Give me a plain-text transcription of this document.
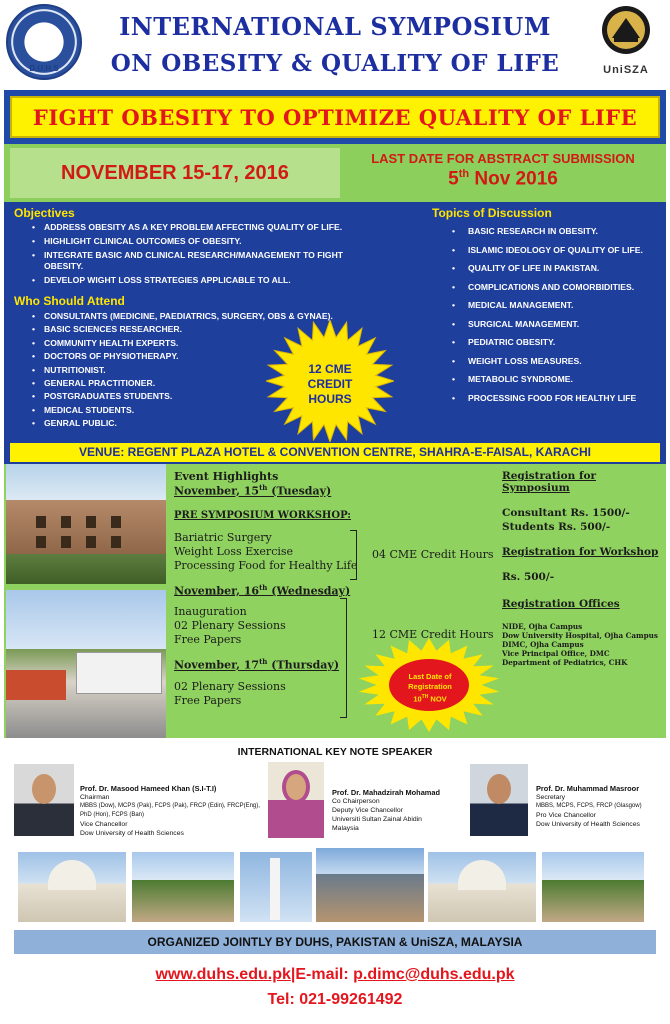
D.U.H.S
INTERNATIONAL SYMPOSIUM
ON OBESITY & QUALITY OF LIFE	UniSZA
FIGHT OBESITY TO OPTIMIZE QUALITY OF LIFE
NOVEMBER 15-17, 2016
LAST DATE FOR ABSTRACT SUBMISSION
5th Nov 2016
Objectives
• ADDRESS OBESITY AS A KEY PROBLEM AFFECTING QUALITY OF LIFE.
• HIGHLIGHT CLINICAL OUTCOMES OF OBESITY.
• INTEGRATE BASIC AND CLINICAL RESEARCH/MANAGEMENT TO FIGHT OBESITY.
• DEVELOP WIGHT LOSS STRATEGIES APPLICABLE TO ALL.
Who Should Attend
• CONSULTANTS (MEDICINE, PAEDIATRICS, SURGERY, OBS & GYNAE).
• BASIC SCIENCES RESEARCHER.
• COMMUNITY HEALTH EXPERTS.
• DOCTORS OF PHYSIOTHERAPY.
• NUTRITIONIST.
• GENERAL PRACTITIONER.
• POSTGRADUATES STUDENTS.
• MEDICAL STUDENTS.
• GENRAL PUBLIC.
Topics of Discussion
• BASIC RESEARCH IN OBESITY.
• ISLAMIC IDEOLOGY OF QUALITY OF LIFE.
• QUALITY OF LIFE IN PAKISTAN.
• COMPLICATIONS AND COMORBIDITIES.
• MEDICAL MANAGEMENT.
• SURGICAL MANAGEMENT.
• PEDIATRIC OBESITY.
• WEIGHT LOSS MEASURES.
• METABOLIC SYNDROME.
• PROCESSING FOOD FOR HEALTHY LIFE
12 CME
CREDIT
HOURS
VENUE: REGENT PLAZA HOTEL & CONVENTION CENTRE, SHAHRA-E-FAISAL, KARACHI
Event Highlights
November, 15th (Tuesday)
PRE SYMPOSIUM WORKSHOP:
Bariatric Surgery
Weight Loss Exercise
Processing Food for Healthy Life
November, 16th (Wednesday)
Inauguration
02 Plenary Sessions
Free Papers
November, 17th (Thursday)
02 Plenary Sessions
Free Papers
04 CME Credit Hours
12 CME Credit Hours
Registration for Symposium
Consultant Rs. 1500/-
Students Rs. 500/-
Registration for Workshop
Rs. 500/-
Registration Offices
NIDE, Ojha Campus
Dow University Hospital, Ojha Campus
DIMC, Ojha Campus
Vice Principal Office, DMC
Department of Pediatrics, CHK
Last Date of
Registration
10TH NOV
INTERNATIONAL KEY NOTE SPEAKER
Prof. Dr. Masood Hameed Khan (S.I-T.I)
Chairman
MBBS (Dow), MCPS (Pak), FCPS (Pak), FRCP (Edin), FRCP(Eng),
PhD (Hon), FCPS (Ban)
Vice Chancellor
Dow University of Health Sciences
Prof. Dr. Mahadzirah Mohamad
Co Chairperson
Deputy Vice Chancellor
Universiti Sultan Zainal Abidin
Malaysia
Prof. Dr. Muhammad Masroor
Secretary
MBBS, MCPS, FCPS, FRCP (Glasgow)
Pro Vice Chancellor
Dow University of Health Sciences
ORGANIZED JOINTLY BY DUHS, PAKISTAN & UniSZA, MALAYSIA
www.duhs.edu.pk|E-mail: p.dimc@duhs.edu.pk
Tel: 021-99261492
